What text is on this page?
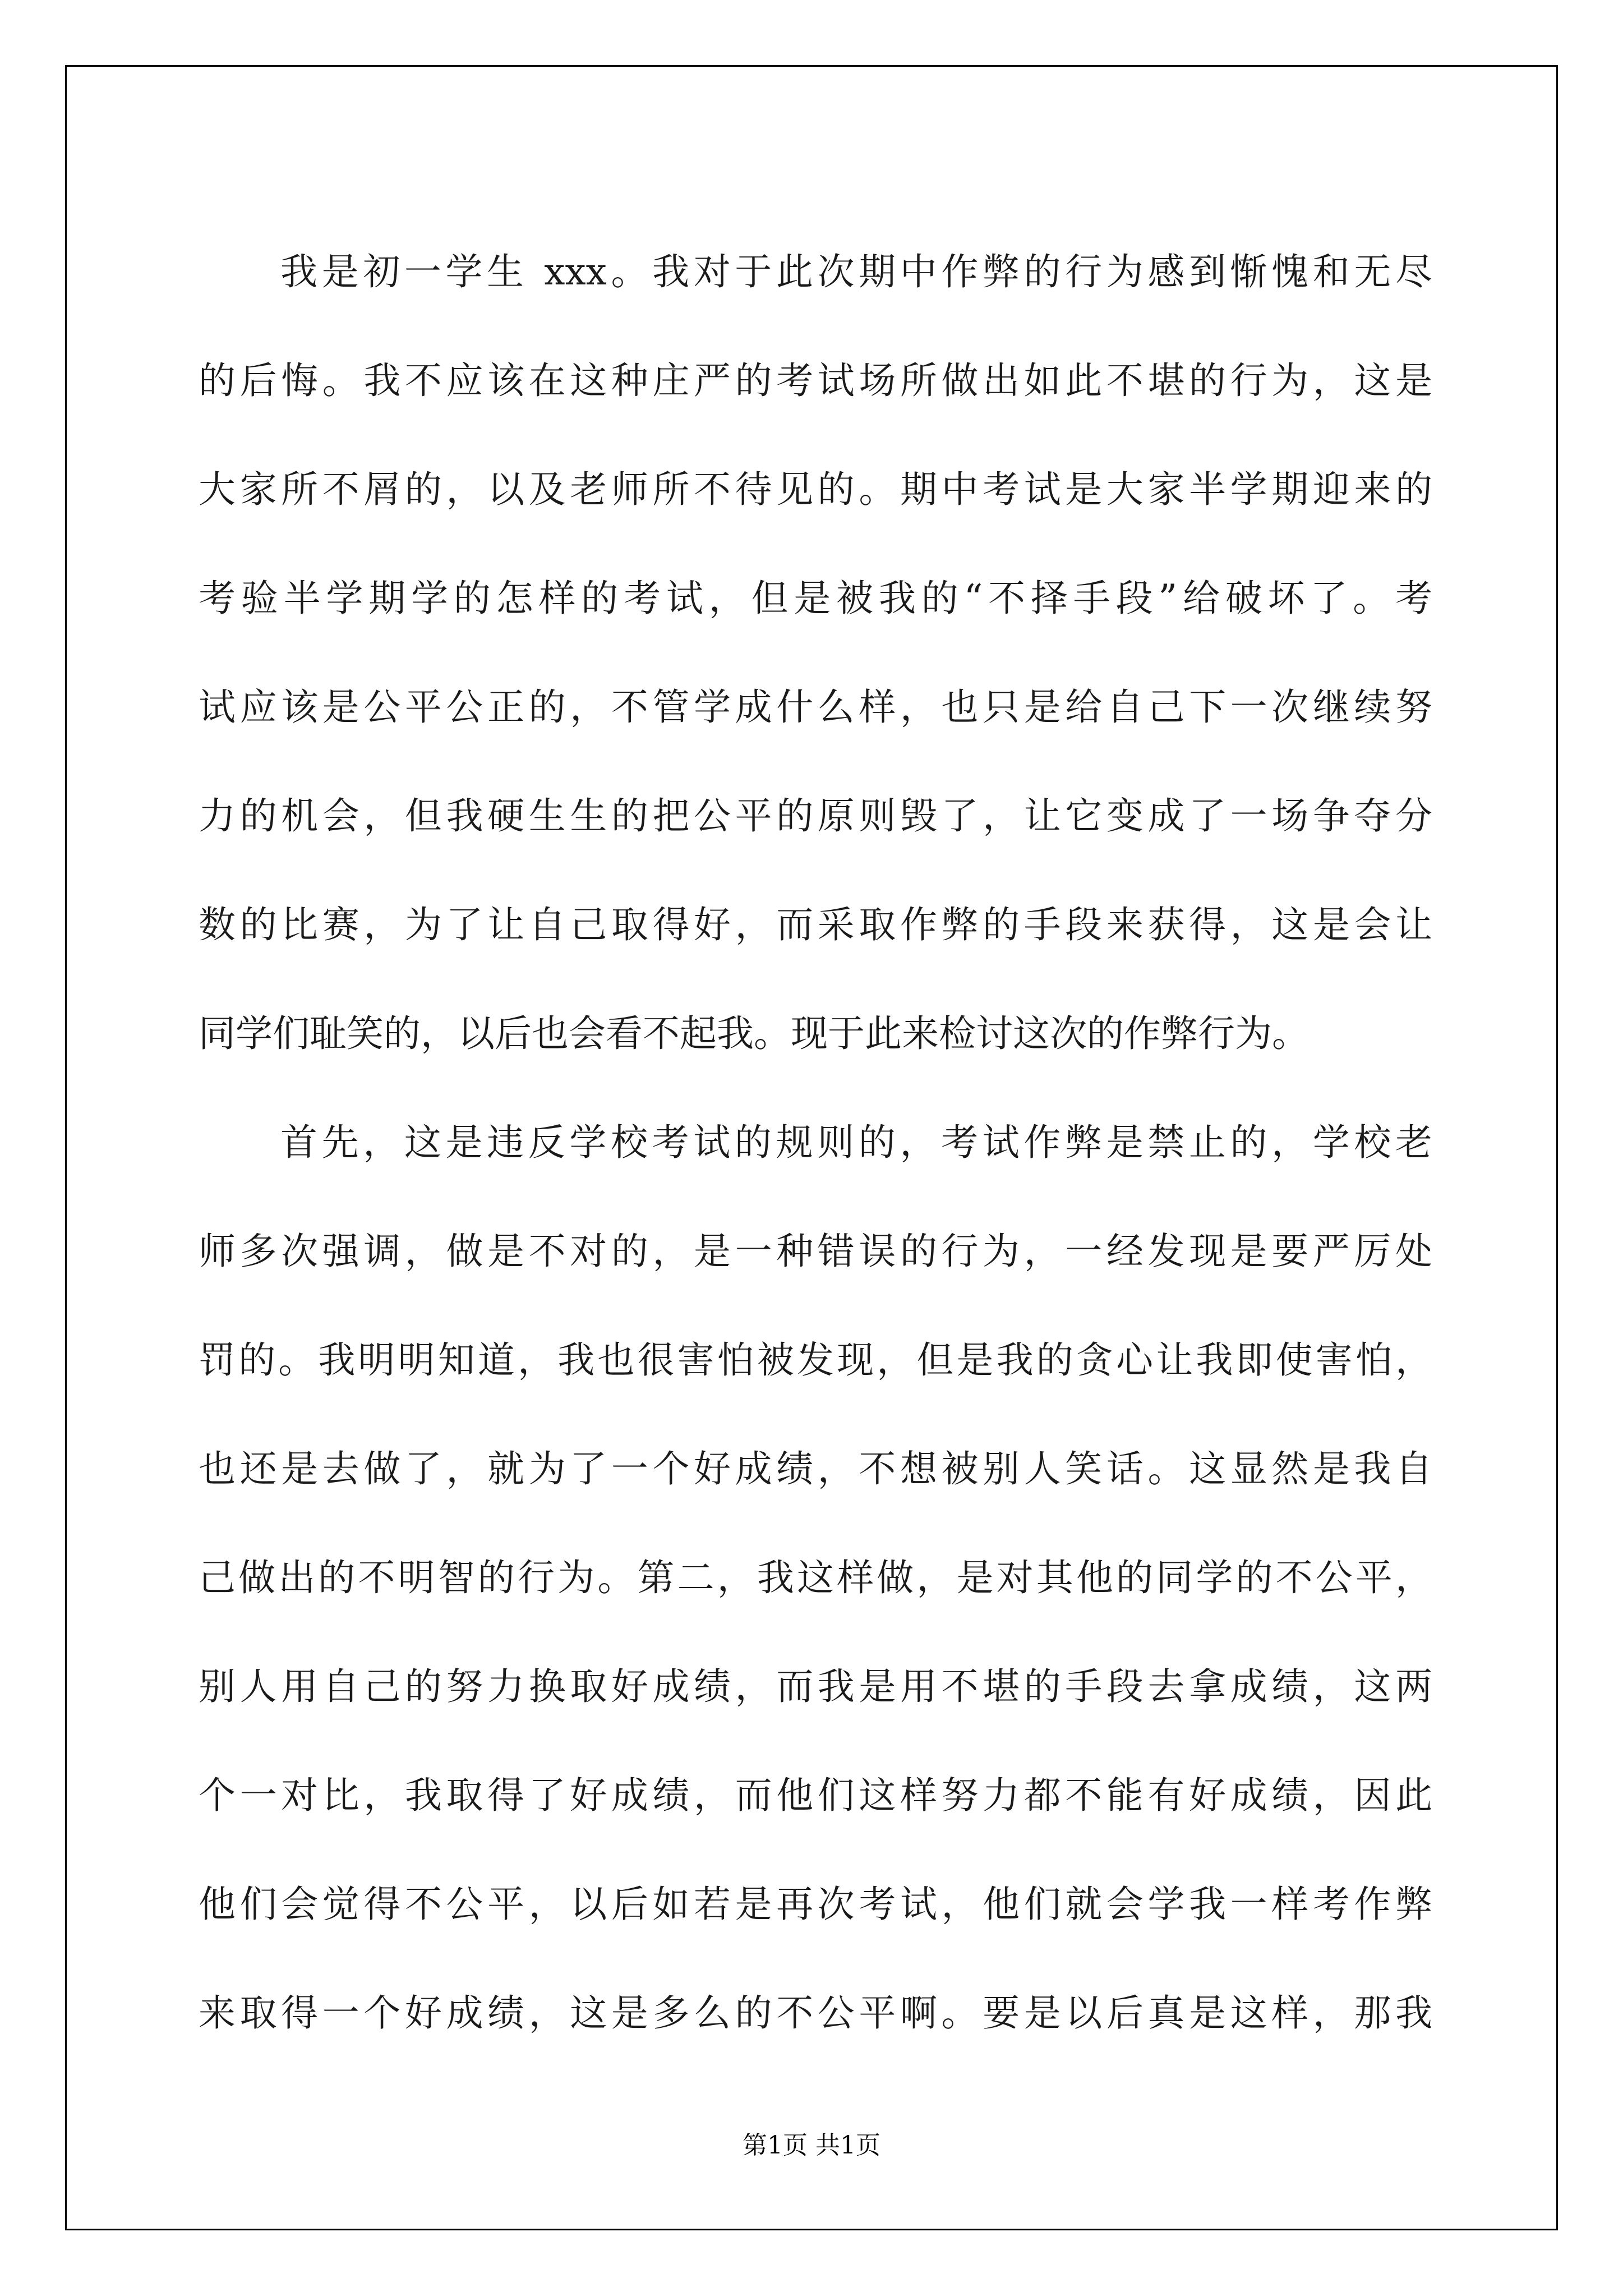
我是初一学生 xxx。我对于此次期中作弊的行为感到惭愧和无尽
的后悔。我不应该在这种庄严的考试场所做出如此不堪的行为，这是
大家所不屑的，以及老师所不待见的。期中考试是大家半学期迎来的
考验半学期学的怎样的考试，但是被我的“不择手段”给破坏了。考
试应该是公平公正的，不管学成什么样，也只是给自己下一次继续努
力的机会，但我硬生生的把公平的原则毁了，让它变成了一场争夺分
数的比赛，为了让自己取得好，而采取作弊的手段来获得，这是会让
同学们耻笑的，以后也会看不起我。现于此来检讨这次的作弊行为。
首先，这是违反学校考试的规则的，考试作弊是禁止的，学校老
师多次强调，做是不对的，是一种错误的行为，一经发现是要严厉处
罚的。我明明知道，我也很害怕被发现，但是我的贪心让我即使害怕，
也还是去做了，就为了一个好成绩，不想被别人笑话。这显然是我自
己做出的不明智的行为。第二，我这样做，是对其他的同学的不公平，
别人用自己的努力换取好成绩，而我是用不堪的手段去拿成绩，这两
个一对比，我取得了好成绩，而他们这样努力都不能有好成绩，因此
他们会觉得不公平，以后如若是再次考试，他们就会学我一样考作弊
来取得一个好成绩，这是多么的不公平啊。要是以后真是这样，那我
第1页 共1页
